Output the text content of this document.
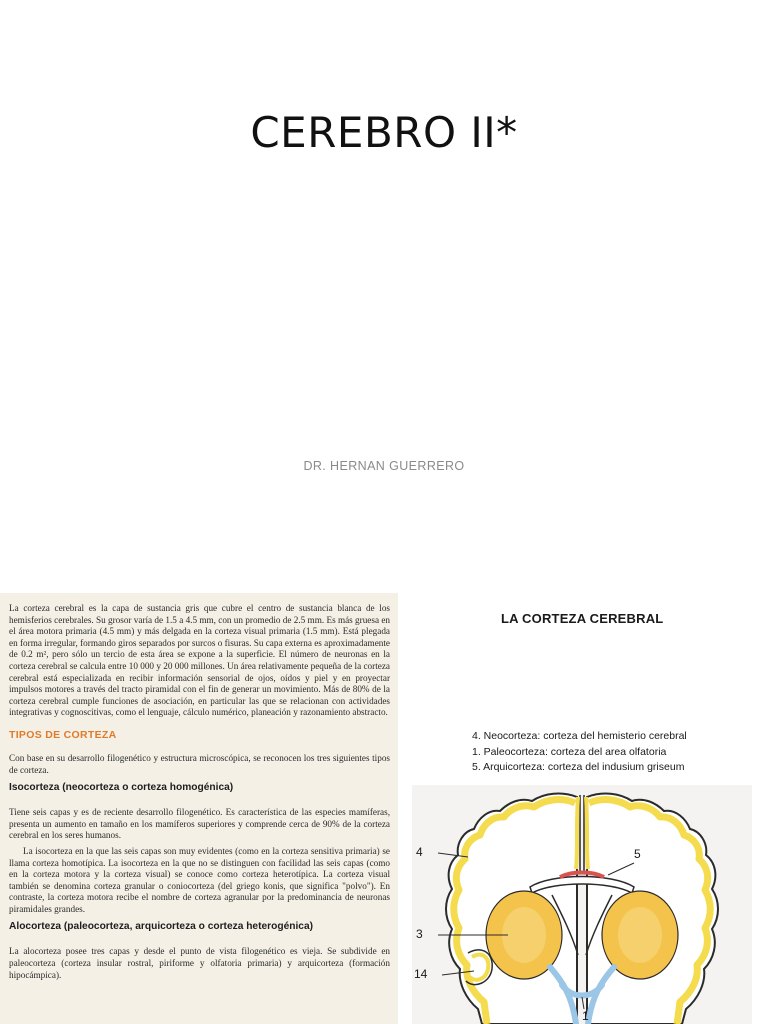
CEREBRO II*
DR. HERNAN GUERRERO

La corteza cerebral es la capa de sustancia gris que cubre el centro de sustancia blanca de los hemisferios cerebrales. Su grosor varía de 1.5 a 4.5 mm, con un promedio de 2.5 mm. Es más gruesa en el área motora primaria (4.5 mm) y más delgada en la corteza visual primaria (1.5 mm). Está plegada en forma irregular, formando giros separados por surcos o fisuras. Su capa externa es aproximadamente de 0.2 m², pero sólo un tercio de esta área se expone a la superficie. El número de neuronas en la corteza cerebral se calcula entre 10 000 y 20 000 millones. Un área relativamente pequeña de la corteza cerebral está especializada en recibir información sensorial de ojos, oídos y piel y en proyectar impulsos motores a través del tracto piramidal con el fin de generar un movimiento. Más de 80% de la corteza cerebral cumple funciones de asociación, en particular las que se relacionan con actividades integrativas y cognoscitivas, como el lenguaje, cálculo numérico, planeación y razonamiento abstracto.

TIPOS DE CORTEZA

Con base en su desarrollo filogenético y estructura microscópica, se reconocen los tres siguientes tipos de corteza.

Isocorteza (neocorteza o corteza homogénica)

Tiene seis capas y es de reciente desarrollo filogenético. Es característica de las especies mamíferas, presenta un aumento en tamaño en los mamíferos superiores y comprende cerca de 90% de la corteza cerebral en los seres humanos.

La isocorteza en la que las seis capas son muy evidentes (como en la corteza sensitiva primaria) se llama corteza homotípica. La isocorteza en la que no se distinguen con facilidad las seis capas (como en la corteza motora y la corteza visual) se conoce como corteza heterotípica. La corteza visual también se denomina corteza granular o coniocorteza (del griego konis, que significa "polvo"). En contraste, la corteza motora recibe el nombre de corteza agranular por la predominancia de neuronas piramidales grandes.

Alocorteza (paleocorteza, arquicorteza o corteza heterogénica)

La alocorteza posee tres capas y desde el punto de vista filogenético es vieja. Se subdivide en paleocorteza (corteza insular rostral, piriforme y olfatoria primaria) y arquicorteza (formación hipocámpica).

LA CORTEZA CEREBRAL
4. Neocorteza: corteza del hemisterio cerebral
1. Paleocorteza: corteza del area olfatoria
5. Arquicorteza: corteza del indusium griseum
4	5
3
14
1
